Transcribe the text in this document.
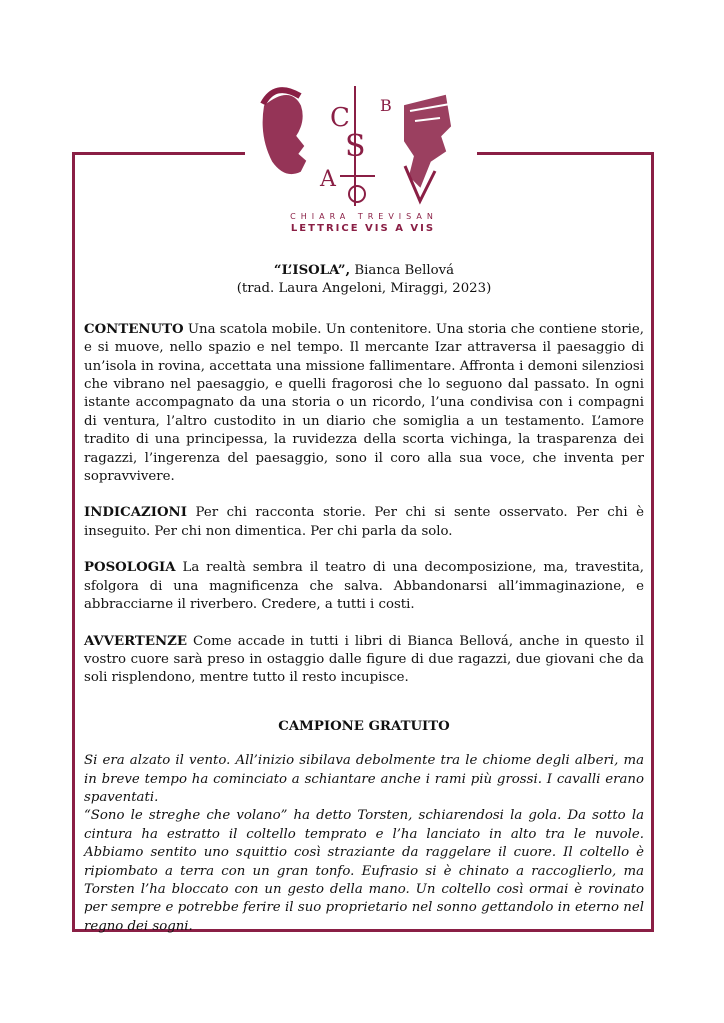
C
S
A
B
CHIARA TREVISAN
LETTRICE VIS A VIS

“L’ISOLA”, Bianca Bellová

(trad. Laura Angeloni, Miraggi, 2023)

CONTENUTO Una scatola mobile. Un contenitore. Una storia che contiene storie, e si muove, nello spazio e nel tempo. Il mercante Izar attraversa il paesaggio di un’isola in rovina, accettata una missione fallimentare. Affronta i demoni silenziosi che vibrano nel paesaggio, e quelli fragorosi che lo seguono dal passato. In ogni istante accompagnato da una storia o un ricordo, l’una condivisa con i compagni di ventura, l’altro custodito in un diario che somiglia a un testamento. L’amore tradito di una principessa, la ruvidezza della scorta vichinga, la trasparenza dei ragazzi, l’ingerenza del paesaggio, sono il coro alla sua voce, che inventa per sopravvivere.

INDICAZIONI Per chi racconta storie. Per chi si sente osservato. Per chi è inseguito. Per chi non dimentica. Per chi parla da solo.

POSOLOGIA La realtà sembra il teatro di una decomposizione, ma, travestita, sfolgora di una magnificenza che salva. Abbandonarsi all’immaginazione, e abbracciarne il riverbero. Credere, a tutti i costi.

AVVERTENZE Come accade in tutti i libri di Bianca Bellová, anche in questo il vostro cuore sarà preso in ostaggio dalle figure di due ragazzi, due giovani che da soli risplendono, mentre tutto il resto incupisce.

CAMPIONE GRATUITO

Si era alzato il vento. All’inizio sibilava debolmente tra le chiome degli alberi, ma in breve tempo ha cominciato a schiantare anche i rami più grossi. I cavalli erano spaventati.

“Sono le streghe che volano” ha detto Torsten, schiarendosi la gola. Da sotto la cintura ha estratto il coltello temprato e l’ha lanciato in alto tra le nuvole. Abbiamo sentito uno squittio così straziante da raggelare il cuore. Il coltello è ripiombato a terra con un gran tonfo. Eufrasio si è chinato a raccoglierlo, ma Torsten l’ha bloccato con un gesto della mano. Un coltello così ormai è rovinato per sempre e potrebbe ferire il suo proprietario nel sonno gettandolo in eterno nel regno dei sogni.
